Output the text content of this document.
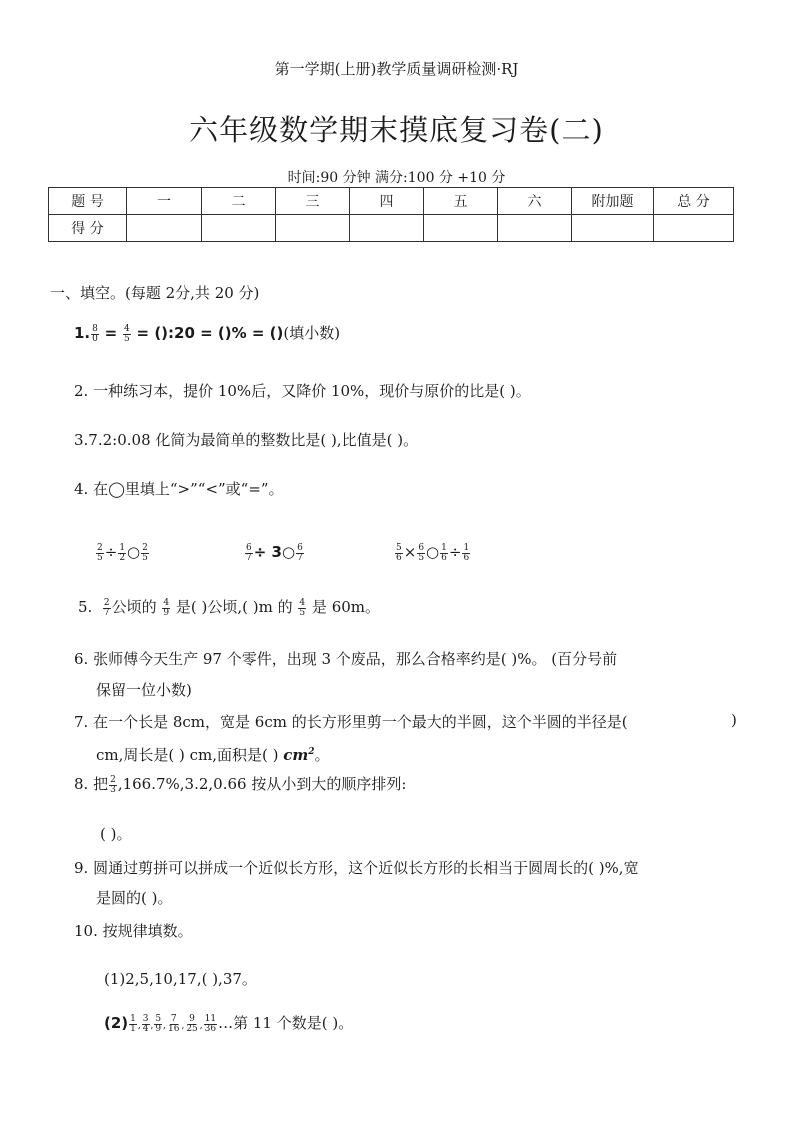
第一学期(上册)教学质量调研检测·RJ
六年级数学期末摸底复习卷(二)
时间:90 分钟 满分:100 分 +10 分
题 号	一	二	三	四	五	六	附加题	总 分
得 分								
一、填空。(每题 2分,共 20 分)
1. $\frac{8}{0} = \frac{4}{5}$ = ():20 = ()% = ()(填小数)
2. 一种练习本，提价 10%后，又降价 10%，现价与原价的比是( )。
3.7.2:0.08 化简为最简单的整数比是( ),比值是( )。
4. 在◯里填上“>”“<”或“=”。
$\frac{2}{5} \div \frac{1}{2}$ ○ $\frac{2}{5}$	$\frac{6}{7}$ ÷ 3○ $\frac{6}{7}$	$\frac{5}{6} \times \frac{6}{5}$ ○ $\frac{1}{6} \div \frac{1}{6}$
5. $\frac{2}{7}$ 公顷的 $\frac{4}{9}$ 是( )公顷,( )m 的 $\frac{4}{5}$ 是 60m。
6. 张师傅今天生产 97 个零件，出现 3 个废品，那么合格率约是( )%。 (百分号前
保留一位小数)
7. 在一个长是 8cm，宽是 6cm 的长方形里剪一个最大的半圆，这个半圆的半径是(	)
cm,周长是( ) cm,面积是( ) $cm^2$。
8. 把 $\frac{2}{3} ,166.7\%,3.2,0.66$ 按从小到大的顺序排列:
( )。
9. 圆通过剪拼可以拼成一个近似长方形，这个近似长方形的长相当于圆周长的( )%,宽
是圆的( )。
10. 按规律填数。
(1)2,5,10,17,( ),37。
$(2) \frac{1}{1}$ , $\frac{3}{4}$ , $\frac{5}{9}$ , $\frac{7}{16}$ , $\frac{9}{25}$ , $\frac{11}{36}$ …第 11 个数是( )。
